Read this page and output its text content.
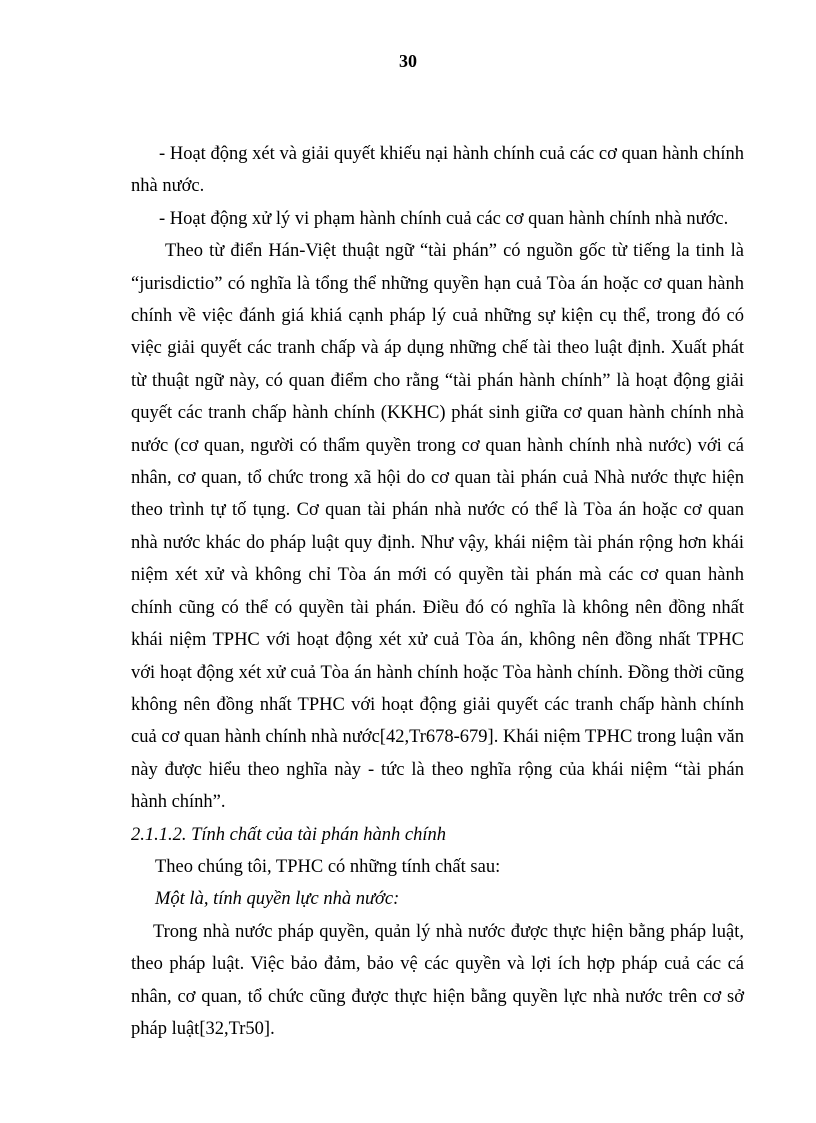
30

- Hoạt động xét và giải quyết khiếu nại hành chính cuả các cơ quan hành chính nhà nước.

- Hoạt động xử lý vi phạm hành chính cuả các cơ quan hành chính nhà nước.

Theo từ điển Hán-Việt thuật ngữ “tài phán” có nguồn gốc từ tiếng la tinh là “jurisdictio” có nghĩa là tổng thể những quyền hạn cuả Tòa án hoặc cơ quan hành chính về việc đánh giá khiá cạnh pháp lý cuả những sự kiện cụ thể, trong đó có việc giải quyết các tranh chấp và áp dụng những chế tài theo luật định. Xuất phát từ thuật ngữ này, có quan điểm cho rằng “tài phán hành chính” là hoạt động giải quyết các tranh chấp hành chính (KKHC) phát sinh giữa cơ quan hành chính nhà nước (cơ quan, người có thẩm quyền trong cơ quan hành chính nhà nước) với cá nhân, cơ quan, tổ chức trong xã hội do cơ quan tài phán cuả Nhà nước thực hiện theo trình tự tố tụng. Cơ quan tài phán nhà nước có thể là Tòa án hoặc cơ quan nhà nước khác do pháp luật quy định. Như vậy, khái niệm tài phán rộng hơn khái niệm xét xử và không chỉ Tòa án mới có quyền tài phán mà các cơ quan hành chính cũng có thể có quyền tài phán. Điều đó có nghĩa là không nên đồng nhất khái niệm TPHC với hoạt động xét xử cuả Tòa án, không nên đồng nhất TPHC với hoạt động xét xử cuả Tòa án hành chính hoặc Tòa hành chính. Đồng thời cũng không nên đồng nhất TPHC với hoạt động giải quyết các tranh chấp hành chính cuả cơ quan hành chính nhà nước[42,Tr678-679]. Khái niệm TPHC trong luận văn này được hiểu theo nghĩa này - tức là theo nghĩa rộng của khái niệm “tài phán hành chính”.

2.1.1.2. Tính chất của tài phán hành chính

Theo chúng tôi, TPHC có những tính chất sau:

Một là, tính quyền lực nhà nước:

Trong nhà nước pháp quyền, quản lý nhà nước được thực hiện bằng pháp luật, theo pháp luật. Việc bảo đảm, bảo vệ các quyền và lợi ích hợp pháp cuả các cá nhân, cơ quan, tổ chức cũng được thực hiện bằng quyền lực nhà nước trên cơ sở pháp luật[32,Tr50].
